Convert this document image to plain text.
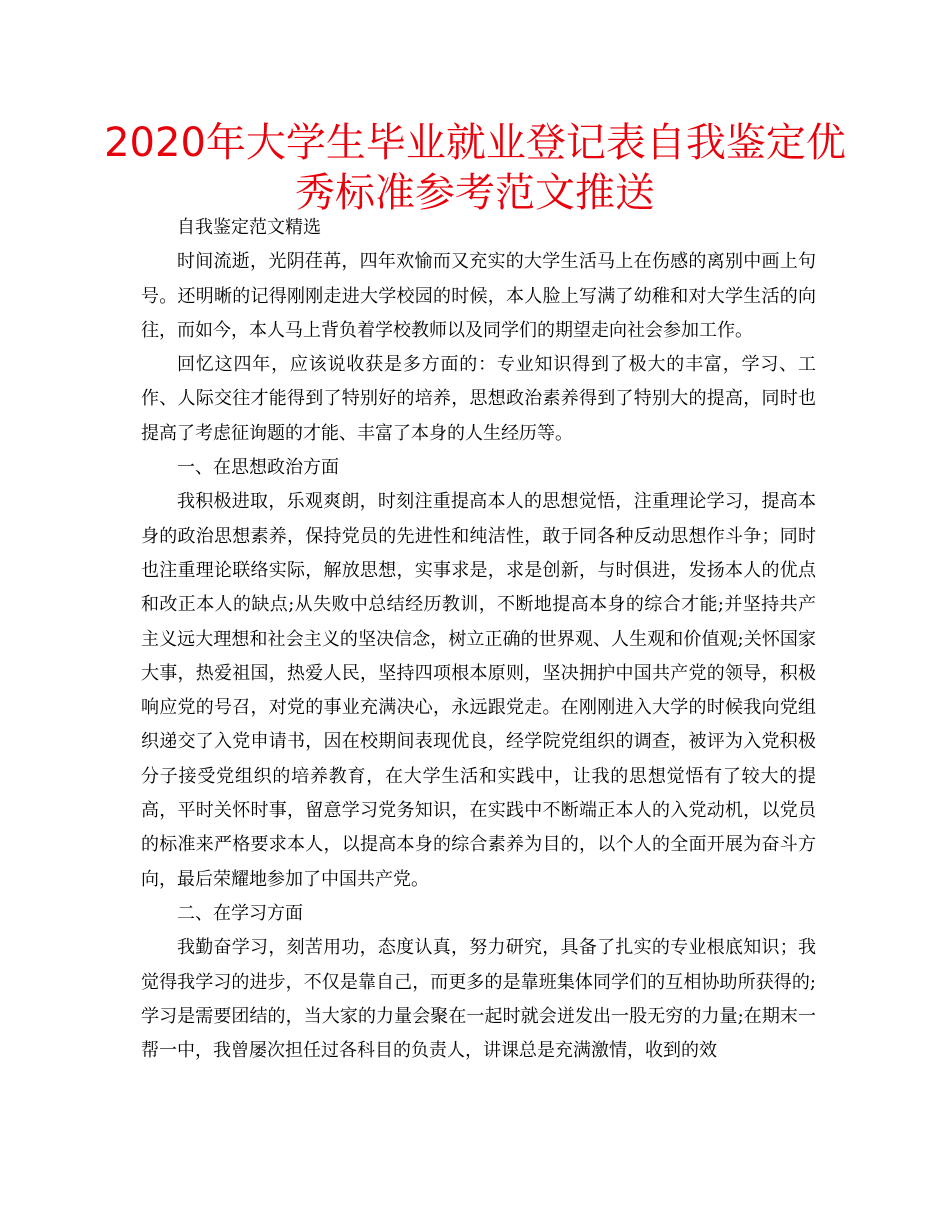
2020年大学生毕业就业登记表自我鉴定优秀标准参考范文推送

自我鉴定范文精选

时间流逝，光阴荏苒，四年欢愉而又充实的大学生活马上在伤感的离别中画上句号。还明晰的记得刚刚走进大学校园的时候，本人脸上写满了幼稚和对大学生活的向往，而如今，本人马上背负着学校教师以及同学们的期望走向社会参加工作。

回忆这四年，应该说收获是多方面的：专业知识得到了极大的丰富，学习、工作、人际交往才能得到了特别好的培养，思想政治素养得到了特别大的提高，同时也提高了考虑征询题的才能、丰富了本身的人生经历等。

一、在思想政治方面

我积极进取，乐观爽朗，时刻注重提高本人的思想觉悟，注重理论学习，提高本身的政治思想素养，保持党员的先进性和纯洁性，敢于同各种反动思想作斗争；同时也注重理论联络实际，解放思想，实事求是，求是创新，与时俱进，发扬本人的优点和改正本人的缺点;从失败中总结经历教训，不断地提高本身的综合才能;并坚持共产主义远大理想和社会主义的坚决信念，树立正确的世界观、人生观和价值观;关怀国家大事，热爱祖国，热爱人民，坚持四项根本原则，坚决拥护中国共产党的领导，积极响应党的号召，对党的事业充满决心，永远跟党走。在刚刚进入大学的时候我向党组织递交了入党申请书，因在校期间表现优良，经学院党组织的调查，被评为入党积极分子接受党组织的培养教育，在大学生活和实践中，让我的思想觉悟有了较大的提高，平时关怀时事，留意学习党务知识，在实践中不断端正本人的入党动机，以党员的标准来严格要求本人，以提高本身的综合素养为目的，以个人的全面开展为奋斗方向，最后荣耀地参加了中国共产党。

二、在学习方面

我勤奋学习，刻苦用功，态度认真，努力研究，具备了扎实的专业根底知识；我觉得我学习的进步，不仅是靠自己，而更多的是靠班集体同学们的互相协助所获得的;学习是需要团结的，当大家的力量会聚在一起时就会迸发出一股无穷的力量;在期末一帮一中，我曾屡次担任过各科目的负责人，讲课总是充满激情，收到的效
